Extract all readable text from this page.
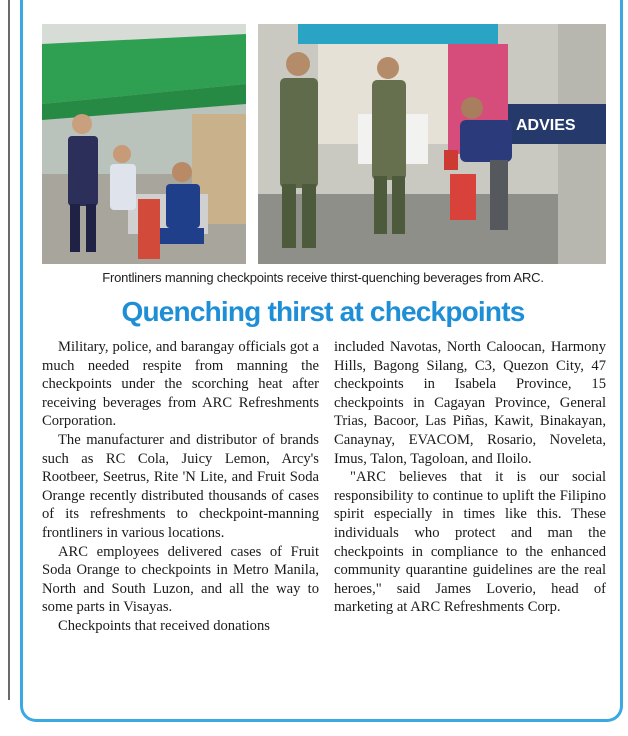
ADVIES
Frontliners manning checkpoints receive thirst-quenching beverages from ARC.
Quenching thirst at checkpoints

Military, police, and barangay officials got a much needed respite from manning the checkpoints under the scorching heat after receiving beverages from ARC Refreshments Corporation.

The manufacturer and distributor of brands such as RC Cola, Juicy Lemon, Arcy's Rootbeer, Seetrus, Rite 'N Lite, and Fruit Soda Orange recently distributed thousands of cases of its refreshments to checkpoint-manning frontliners in various locations.

ARC employees delivered cases of Fruit Soda Orange to checkpoints in Metro Manila, North and South Luzon, and all the way to some parts in Visayas.

Checkpoints that received donations

included Navotas, North Caloocan, Harmony Hills, Bagong Silang, C3, Quezon City, 47 checkpoints in Isabela Province, 15 checkpoints in Cagayan Province, General Trias, Bacoor, Las Piñas, Kawit, Binakayan, Canaynay, EVACOM, Rosario, Noveleta, Imus, Talon, Tagoloan, and Iloilo.

"ARC believes that it is our social responsibility to continue to uplift the Filipino spirit especially in times like this. These individuals who protect and man the checkpoints in compliance to the enhanced community quarantine guidelines are the real heroes," said James Loverio, head of marketing at ARC Refreshments Corp.
